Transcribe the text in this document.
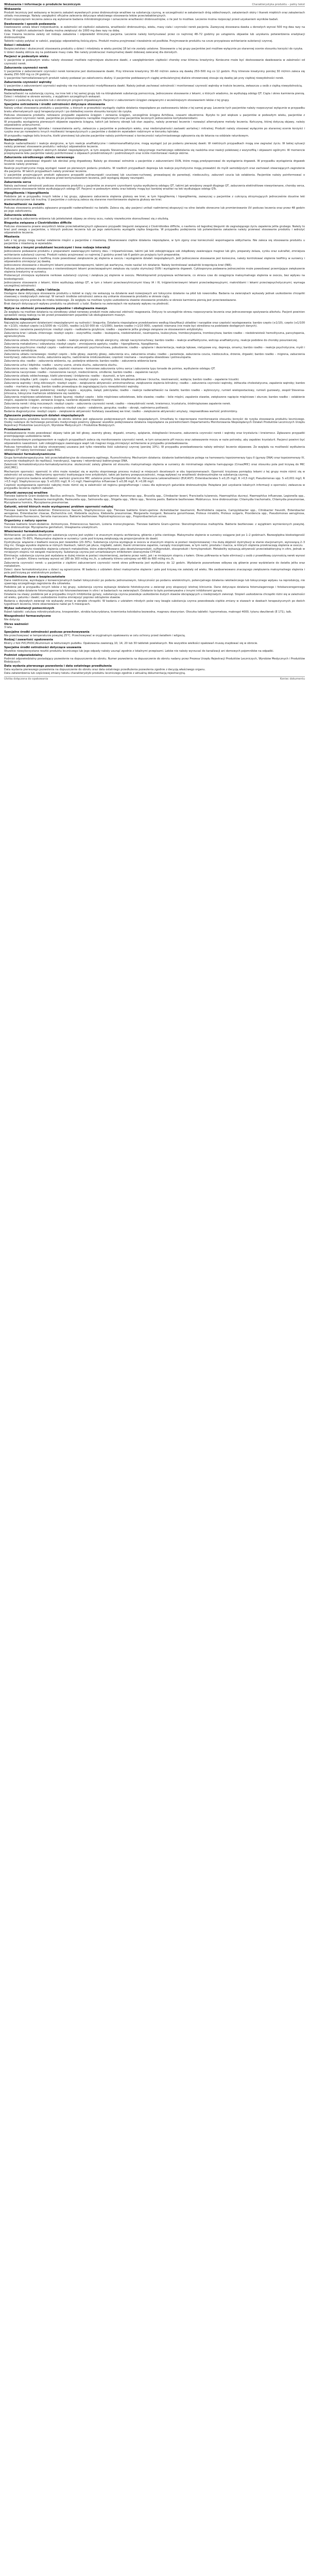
Wskazania i informacje o produkcie leczniczym	Charakterystyka produktu – pełny tekst
Wskazania

Produkt leczniczy jest wskazany w leczeniu zakażeń wywołanych przez drobnoustroje wrażliwe na substancję czynną, w szczególności w zakażeniach dróg oddechowych, zakażeniach skóry i tkanek miękkich oraz zakażeniach układu moczowego. Należy uwzględnić oficjalne zalecenia dotyczące właściwego stosowania leków przeciwbakteryjnych.

Przed rozpoczęciem leczenia zaleca się wykonanie badania mikrobiologicznego i oznaczenie wrażliwości drobnoustrojów, o ile jest to możliwe. Leczenie można rozpocząć przed uzyskaniem wyników badań.

Dawkowanie i sposób podawania

Dawkowanie ustala lekarz indywidualnie, w zależności od ciężkości zakażenia, wrażliwości drobnoustroju, wieku, masy ciała i czynności nerek pacjenta. Zazwyczaj stosowana dawka u dorosłych wynosi 500 mg dwa razy na dobę. W ciężkich zakażeniach dawkę można zwiększyć do 1000 mg dwa razy na dobę.

Czas trwania leczenia zależy od rodzaju zakażenia i odpowiedzi klinicznej pacjenta. Leczenie należy kontynuować przez co najmniej 48–72 godziny po ustąpieniu objawów lub uzyskaniu potwierdzenia eradykacji drobnoustrojów.

Tabletki należy połykać w całości, popijając odpowiednią ilością płynu. Produkt można przyjmować niezależnie od posiłków. Przyjmowanie produktu na czczo przyspiesza wchłanianie substancji czynnej.

Dzieci i młodzież

Bezpieczeństwo i skuteczność stosowania produktu u dzieci i młodzieży w wieku poniżej 18 lat nie zostały ustalone. Stosowanie u tej grupy pacjentów jest możliwe wyłącznie po starannej ocenie stosunku korzyści do ryzyka.

U dzieci dawkę oblicza się na podstawie masy ciała. Nie należy przekraczać maksymalnej dawki dobowej zalecanej dla dorosłych.

Pacjenci w podeszłym wieku

U pacjentów w podeszłym wieku należy stosować możliwie najmniejsze skuteczne dawki, z uwzględnieniem ciężkości choroby oraz klirensu kreatyniny. Konieczne może być dostosowanie dawkowania w zależności od czynności nerek.

Zaburzenia czynności nerek

U pacjentów z zaburzeniami czynności nerek konieczne jest dostosowanie dawki. Przy klirensie kreatyniny 30–60 ml/min zaleca się dawkę 250–500 mg co 12 godzin. Przy klirensie kreatyniny poniżej 30 ml/min zaleca się dawkę 250–500 mg co 24 godziny.

U pacjentów hemodializowanych produkt należy podawać po zakończeniu dializy. U pacjentów poddawanych ciągłej ambulatoryjnej dializie otrzewnowej stosuje się dawkę jak przy ciężkiej niewydolności nerek.

Zaburzenia czynności wątroby

U pacjentów z zaburzeniami czynności wątroby nie ma konieczności modyfikowania dawki. Należy jednak zachować ostrożność i monitorować czynność wątroby w trakcie leczenia, zwłaszcza u osób z ciężką niewydolnością.

Przeciwwskazania

Nadwrażliwość na substancję czynną, na inne leki z tej samej grupy lub na którąkolwiek substancję pomocniczą. Jednoczesne stosowanie z lekami, o których wiadomo, że wydłużają odstęp QT. Ciąża i okres karmienia piersią. Dzieci i młodzież w okresie wzrostu, z wyjątkiem szczególnych wskazań.

Pacjenci z padaczką w wywiadzie lub z obniżonym progiem drgawkowym. Pacjenci z zaburzeniami ścięgien związanymi z wcześniejszym stosowaniem leków z tej grupy.

Specjalne ostrzeżenia i środki ostrożności dotyczące stosowania

Należy unikać stosowania produktu u pacjentów, u których w przeszłości wystąpiły ciężkie działania niepożądane po zastosowaniu leków z tej samej grupy. Leczenie tych pacjentów należy rozpoczynać wyłącznie w przypadku braku alternatywnych opcji terapeutycznych i po dokładnej ocenie stosunku korzyści do ryzyka.

Podczas stosowania produktu notowano przypadki zapalenia ścięgien i zerwania ścięgien, szczególnie ścięgna Achillesa, czasami obustronne. Ryzyko to jest większe u pacjentów w podeszłym wieku, pacjentów z zaburzeniami czynności nerek, pacjentów po przeszczepieniu narządów miąższowych oraz pacjentów leczonych jednocześnie kortykosteroidami.

W przypadku wystąpienia pierwszych objawów zapalenia ścięgna, takich jak bolesny obrzęk lub stan zapalny, należy przerwać leczenie i rozważyć alternatywne metody leczenia. Kończynę, której dotyczą objawy, należy odpowiednio unieruchomić.

Obserwowano przypadki tętniaka i rozwarstwienia aorty, zwłaszcza u pacjentów w podeszłym wieku, oraz niedomykalności zastawki aortalnej i mitralnej. Produkt należy stosować wyłącznie po starannej ocenie korzyści i ryzyka oraz po rozważeniu innych możliwości terapeutycznych u pacjentów z dodatnim wywiadem rodzinnym w kierunku tętniaka.

W przypadku nagłego bólu brzucha, klatki piersiowej lub pleców pacjentów należy poinformować o konieczności natychmiastowego zgłoszenia się do lekarza na oddziale ratunkowym.

Nadwrażliwość

Reakcje nadwrażliwości i reakcje alergiczne, w tym reakcje anafilaktyczne i rzekomoanafilaktyczne, mogą wystąpić już po podaniu pierwszej dawki. W niektórych przypadkach mogą one zagrażać życiu. W takiej sytuacji należy przerwać stosowanie produktu i wdrożyć odpowiednie leczenie.

Zgłaszano przypadki ciężkich skórnych działań niepożądanych, w tym zespołu Stevensa-Johnsona, toksycznego martwiczego oddzielania się naskórka oraz reakcji polekowej z eozynofilią i objawami ogólnymi. W momencie przepisywania leku pacjentów należy poinformować o objawach przedmiotowych i podmiotowych oraz ściśle monitorować reakcje skórne.

Zaburzenia ośrodkowego układu nerwowego

Produkt może powodować drgawki lub obniżać próg drgawkowy. Należy go stosować ostrożnie u pacjentów z zaburzeniami OUN, które mogą predysponować do wystąpienia drgawek. W przypadku wystąpienia drgawek leczenie należy przerwać.

Reakcje psychiatryczne mogą wystąpić nawet po pierwszym podaniu produktu. W rzadkich przypadkach depresja lub reakcje psychotyczne mogą prowadzić do myśli samobójczych oraz zachowań stwarzających zagrożenie dla pacjenta. W takich przypadkach należy przerwać leczenie.

U pacjentów przyjmujących produkt zgłaszano przypadki polineuropatii czuciowej lub czuciowo-ruchowej, prowadzącej do parestezji, niedoczulicy, zaburzeń czucia lub osłabienia. Pacjentów należy poinformować o konieczności zgłoszenia się do lekarza przed kontynuowaniem leczenia, jeśli wystąpią objawy neuropatii.

Zaburzenia serca

Należy zachować ostrożność podczas stosowania produktu u pacjentów ze znanymi czynnikami ryzyka wydłużenia odstępu QT, takimi jak wrodzony zespół długiego QT, zaburzenia elektrolitowe niewyrównane, choroby serca, jednoczesne stosowanie leków wydłużających odstęp QT. Pacjenci w podeszłym wieku oraz kobiety mogą być bardziej wrażliwi na leki wydłużające odstęp QTc.

Hipoglikemia i hiperglikemia

Podobnie jak w przypadku innych leków z tej grupy, zgłaszano zaburzenia stężenia glukozy we krwi, w tym hipoglikemię i hiperglikemię, zazwyczaj u pacjentów z cukrzycą otrzymujących jednocześnie doustne leki przeciwcukrzycowe lub insulinę. U pacjentów z cukrzycą zaleca się staranne monitorowanie stężenia glukozy we krwi.

Nadwrażliwość na światło

Podczas stosowania produktu zgłaszano przypadki nadwrażliwości na światło. Zaleca się, aby pacjenci unikali nadmiernej ekspozycji na silne światło słoneczne lub promieniowanie UV podczas leczenia oraz przez 48 godzin po jego zakończeniu.

Zaburzenia widzenia

Jeśli wystąpią zaburzenia widzenia lub jakiekolwiek objawy ze strony oczu, należy niezwłocznie skonsultować się z okulistą.

Biegunka związana z Clostridioides difficile

Podczas stosowania prawie wszystkich leków przeciwbakteryjnych zgłaszano przypadki biegunki związanej z Clostridioides difficile, o nasileniu od łagodnej biegunki do zagrażającego życiu zapalenia jelita grubego. Należy to brać pod uwagę u pacjentów, u których podczas leczenia lub po jego zakończeniu wystąpiła ciężka biegunka. W przypadku podejrzenia lub potwierdzenia zakażenia należy przerwać stosowanie produktu i wdrożyć odpowiednie leczenie.

Miastenia

Leki z tej grupy mogą nasilać osłabienie mięśni u pacjentów z miastenią. Obserwowano ciężkie działania niepożądane, w tym zgony oraz konieczność wspomagania oddychania. Nie zaleca się stosowania produktu u pacjentów z miastenią w wywiadzie.

Interakcje z innymi produktami leczniczymi i inne rodzaje interakcji

Jednoczesne podawanie produktu z preparatami zawierającymi kationy dwu- i trójwartościowe, takimi jak leki zobojętniające sok żołądkowy zawierające magnez lub glin, preparaty żelaza, cynku oraz sukralfat, zmniejsza wchłanianie substancji czynnej. Produkt należy przyjmować co najmniej 2 godziny przed lub 6 godzin po przyjęciu tych preparatów.

Jednoczesne stosowanie z teofiliną może powodować zwiększenie jej stężenia w osoczu i wystąpienie działań niepożądanych. Jeśli jednoczesne stosowanie jest konieczne, należy kontrolować stężenie teofiliny w surowicy i odpowiednio zmniejszyć jej dawkę.

Jednoczesne stosowanie z doustnymi lekami przeciwzakrzepowymi, takimi jak warfaryna, może nasilać ich działanie. Należy kontrolować wskaźniki krzepnięcia krwi (INR).

Podczas jednoczesnego stosowania z niesteroidowymi lekami przeciwzapalnymi zwiększa się ryzyko stymulacji OUN i wystąpienia drgawek. Cyklosporyna podawana jednocześnie może powodować przemijające zwiększenie stężenia kreatyniny w surowicy.

Probenecyd zmniejsza wydalanie nerkowe substancji czynnej i zwiększa jej stężenie w osoczu. Metoklopramid przyspiesza wchłanianie, co skraca czas do osiągnięcia maksymalnego stężenia w osoczu, bez wpływu na biodostępność.

Jednoczesne stosowanie z lekami, które wydłużają odstęp QT, w tym z lekami przeciwarytmicznymi klasy IA i III, trójpierścieniowymi lekami przeciwdepresyjnymi, makrolidami i lekami przeciwpsychotycznymi, wymaga szczególnej ostrożności.

Wpływ na płodność, ciążę i laktację

Dostępne dane dotyczące stosowania produktu u kobiet w ciąży nie wskazują na działanie wad rozwojowych ani toksyczne działanie na płód lub noworodka. Badania na zwierzętach wykazały jednak uszkodzenie chrząstki stawowej u niedojrzałych zwierząt. W ramach środków ostrożności zaleca się unikanie stosowania produktu w okresie ciąży.

Substancja czynna przenika do mleka kobiecego. Ze względu na możliwe ryzyko uszkodzenia stawów stosowanie produktu w okresie karmienia piersią jest przeciwwskazane.

Brak danych dotyczących wpływu produktu na płodność u ludzi. Badania na zwierzętach nie wykazały wpływu na płodność.

Wpływ na zdolność prowadzenia pojazdów i obsługiwania maszyn

Ze względu na możliwe działania na ośrodkowy układ nerwowy produkt może zaburzać zdolność reagowania. Dotyczy to szczególnie okresu rozpoczynania leczenia oraz jednoczesnego spożywania alkoholu. Pacjent powinien sprawdzić swoją reakcję na lek przed prowadzeniem pojazdów lub obsługiwaniem maszyn.

Działania niepożądane

Najczęściej zgłaszanymi działaniami niepożądanymi są nudności i biegunka. Działania niepożądane przedstawiono według klasyfikacji układów i narządów oraz częstości występowania: bardzo często (≥1/10), często (≥1/100 do <1/10), niezbyt często (≥1/1000 do <1/100), rzadko (≥1/10 000 do <1/1000), bardzo rzadko (<1/10 000), częstość nieznana (nie może być określona na podstawie dostępnych danych).

Zakażenia i zarażenia pasożytnicze: niezbyt często – nadkażenia grzybicze; rzadko – zapalenie jelita grubego związane ze stosowaniem antybiotyku.

Zaburzenia krwi i układu chłonnego: niezbyt często – eozynofilia; rzadko – leukopenia, niedokrwistość, neutropenia, leukocytoza, trombocytopenia, trombocytoza; bardzo rzadko – niedokrwistość hemolityczna, pancytopenia, agranulocytoza.

Zaburzenia układu immunologicznego: rzadko – reakcje alergiczne, obrzęk alergiczny, obrzęk naczynioruchowy; bardzo rzadko – reakcje anafilaktyczne, wstrząs anafilaktyczny, reakcje podobne do choroby posurowiczej.

Zaburzenia metabolizmu i odżywiania: niezbyt często – zmniejszenie apetytu; rzadko – hiperglikemia, hipoglikemia.

Zaburzenia psychiczne: niezbyt często – nadmierna aktywność psychoruchowa, pobudzenie; rzadko – splątanie i dezorientacja, reakcje lękowe, nietypowe sny, depresja, omamy; bardzo rzadko – reakcje psychotyczne, myśli i zachowania samobójcze.

Zaburzenia układu nerwowego: niezbyt często – bóle głowy, zawroty głowy, zaburzenia snu, zaburzenia smaku; rzadko – parestezje, zaburzenia czucia, niedoczulica, drżenie, drgawki; bardzo rzadko – migrena, zaburzenia koordynacji, zaburzenia chodu, zaburzenia węchu, nadciśnienie śródczaszkowe; częstość nieznana – neuropatia obwodowa i polineuropatia.

Zaburzenia oka: rzadko – zaburzenia widzenia, np. podwójne widzenie; bardzo rzadko – zaburzenia widzenia barw.

Zaburzenia ucha i błędnika: rzadko – szumy uszne, utrata słuchu, zaburzenia słuchu.

Zaburzenia serca: rzadko – tachykardia; częstość nieznana – komorowe zaburzenia rytmu serca i zaburzenia typu torsade de pointes, wydłużenie odstępu QT.

Zaburzenia naczyniowe: rzadko – rozszerzenie naczyń, niedociśnienie, omdlenie; bardzo rzadko – zapalenie naczyń.

Zaburzenia układu oddechowego, klatki piersiowej i śródpiersia: rzadko – duszność, w tym astma.

Zaburzenia żołądka i jelit: często – nudności, biegunka; niezbyt często – wymioty, bóle żołądkowo-jelitowe i brzucha, niestrawność, wzdęcia; bardzo rzadko – zapalenie trzustki.

Zaburzenia wątroby i dróg żółciowych: niezbyt często – zwiększenie aktywności aminotransferaz, zwiększenie stężenia bilirubiny; rzadko – zaburzenia czynności wątroby, żółtaczka cholestatyczna, zapalenie wątroby; bardzo rzadko – martwica wątroby, bardzo rzadko prowadząca do zagrażającej życiu niewydolności wątroby.

Zaburzenia skóry i tkanki podskórnej: niezbyt często – wysypka, świąd, pokrzywka; rzadko – reakcje nadwrażliwości na światło; bardzo rzadko – wybroczyny, rumień wielopostaciowy, rumień guzowaty, zespół Stevensa-Johnsona, toksyczne martwicze oddzielanie się naskórka.

Zaburzenia mięśniowo-szkieletowe i tkanki łącznej: niezbyt często – bóle mięśniowo-szkieletowe, bóle stawów; rzadko – bóle mięśni, zapalenie stawów, zwiększone napięcie mięśniowe i skurcze; bardzo rzadko – osłabienie mięśni, zapalenie ścięgien, zerwanie ścięgna, nasilenie objawów miastenii.

Zaburzenia nerek i dróg moczowych: niezbyt często – zaburzenia czynności nerek; rzadko – niewydolność nerek, krwiomocz, krystaluria, śródmiąższowe zapalenie nerek.

Zaburzenia ogólne i stany w miejscu podania: niezbyt często – osłabienie, gorączka; rzadko – obrzęk, nadmierna potliwość.

Badania diagnostyczne: niezbyt często – zwiększenie aktywności fosfatazy zasadowej we krwi; rzadko – zwiększenie aktywności amylazy, nieprawidłowa wartość protrombiny.

Zgłaszanie podejrzewanych działań niepożądanych

Po dopuszczeniu produktu leczniczego do obrotu istotne jest zgłaszanie podejrzewanych działań niepożądanych. Umożliwia to nieprzerwane monitorowanie stosunku korzyści do ryzyka stosowania produktu leczniczego. Osoby należące do fachowego personelu medycznego powinny zgłaszać wszelkie podejrzewane działania niepożądane za pośrednictwem Departamentu Monitorowania Niepożądanych Działań Produktów Leczniczych Urzędu Rejestracji Produktów Leczniczych, Wyrobów Medycznych i Produktów Biobójczych.

Przedawkowanie

Przedawkowanie może powodować objawy takie jak ból głowy, zawroty głowy, drgawki, omamy, splątanie, dolegliwości brzuszne, zaburzenia czynności nerek i wątroby oraz krystaluria i krwiomocz. Zgłaszano przypadki przemijającego uszkodzenia nerek.

Poza standardowym postępowaniem w nagłych przypadkach zaleca się monitorowanie czynności nerek, w tym oznaczenie pH moczu oraz zakwaszenie moczu w razie potrzeby, aby zapobiec krystalurii. Pacjenci powinni być odpowiednio nawodnieni. Leki zobojętniające zawierające wapń lub magnez mogą zmniejszyć wchłanianie w przypadku przedawkowania.

Podczas hemodializy lub dializy otrzewnowej usuwana jest tylko niewielka ilość substancji czynnej (poniżej 10%). W przypadku przedawkowania należy wdrożyć leczenie objawowe. Ze względu na możliwość wydłużenia odstępu QT należy kontrolować zapis EKG.

Właściwości farmakodynamiczne

Grupa farmakoterapeutyczna: leki przeciwbakteryjne do stosowania ogólnego, fluorochinolony. Mechanizm działania: działanie bakteriobójcze polega na hamowaniu topoizomerazy typu II (gyrazy DNA) oraz topoizomerazy IV, enzymów niezbędnych do replikacji, transkrypcji, naprawy i rekombinacji bakteryjnego DNA.

Zależność farmakokinetyczno-farmakodynamiczna: skuteczność zależy głównie od stosunku maksymalnego stężenia w surowicy do minimalnego stężenia hamującego (Cmax/MIC) oraz stosunku pola pod krzywą do MIC (AUC/MIC).

Mechanizm oporności: oporność in vitro może rozwijać się w wyniku stopniowego procesu mutacji w miejscach docelowych w obu topoizomerazach. Oporność krzyżowa pomiędzy lekami z tej grupy może różnić się w zależności od szczepu. Mechanizmy oporności inaktywujące inne antybiotyki, takie jak bariery przepuszczalności, mogą wpływać na wrażliwość drobnoustrojów na substancję czynną.

Wartości graniczne badania wrażliwości: wartości graniczne MIC ustalone przez Europejski Komitet ds. Oznaczania Lekowrażliwości (EUCAST): Enterobacterales S ≤0,25 mg/l, R >0,5 mg/l; Pseudomonas spp. S ≤0,001 mg/l, R >0,5 mg/l; Staphylococcus spp. S ≤0,001 mg/l, R >1 mg/l; Haemophilus influenzae S ≤0,06 mg/l, R >0,06 mg/l.

Częstość występowania oporności nabytej może różnić się w zależności od regionu geograficznego i czasu dla wybranych gatunków drobnoustrojów. Pożądane jest uzyskanie lokalnych informacji o oporności, zwłaszcza w przypadku leczenia ciężkich zakażeń.

Gatunki zazwyczaj wrażliwe

Tlenowe bakterie Gram-dodatnie: Bacillus anthracis. Tlenowe bakterie Gram-ujemne: Aeromonas spp., Brucella spp., Citrobacter koseri, Francisella tularensis, Haemophilus ducreyi, Haemophilus influenzae, Legionella spp., Moraxella catarrhalis, Neisseria meningitidis, Pasteurella spp., Salmonella spp., Shigella spp., Vibrio spp., Yersinia pestis. Bakterie beztlenowe: Mobiluncus. Inne drobnoustroje: Chlamydia trachomatis, Chlamydia pneumoniae, Mycoplasma hominis, Mycoplasma pneumoniae.

Gatunki, wśród których może występować problem oporności nabytej

Tlenowe bakterie Gram-dodatnie: Enterococcus faecalis, Staphylococcus spp. Tlenowe bakterie Gram-ujemne: Acinetobacter baumannii, Burkholderia cepacia, Campylobacter spp., Citrobacter freundii, Enterobacter aerogenes, Enterobacter cloacae, Escherichia coli, Klebsiella oxytoca, Klebsiella pneumoniae, Morganella morganii, Neisseria gonorrhoeae, Proteus mirabilis, Proteus vulgaris, Providencia spp., Pseudomonas aeruginosa, Pseudomonas fluorescens, Serratia marcescens. Bakterie beztlenowe: Peptostreptococcus spp., Propionibacterium acnes.

Organizmy z natury oporne

Tlenowe bakterie Gram-dodatnie: Actinomyces, Enterococcus faecium, Listeria monocytogenes. Tlenowe bakterie Gram-ujemne: Stenotrophomonas maltophilia. Bakterie beztlenowe: z wyjątkiem wymienionych powyżej. Inne drobnoustroje: Mycoplasma genitalium, Ureaplasma urealyticum.

Właściwości farmakokinetyczne

Wchłanianie: po podaniu doustnym substancja czynna jest szybko i w znacznym stopniu wchłaniana, głównie z jelita cienkiego. Maksymalne stężenie w surowicy osiągane jest po 1–2 godzinach. Bezwzględna biodostępność wynosi około 70–80%. Maksymalne stężenie w surowicy i pole pod krzywą zwiększają się proporcjonalnie do dawki.

Dystrybucja: wiązanie z białkami osocza jest niewielkie (20–30%). Substancja czynna występuje w osoczu w znacznym stopniu w postaci niezjonizowanej i ma dużą objętość dystrybucji w stanie stacjonarnym, wynoszącą 2–3 l/kg mc. Osiąga wysokie stężenia w różnych tkankach, takich jak płuca, migdałki, zatoki, tkanki zmienione zapalnie, narządy moczopłciowe, w tym nerki, prostata i macica, w których stężenia przekraczają stężenia w osoczu.

Metabolizm: wykryto niewielkie stężenia czterech metabolitów, które zidentyfikowano jako desetylenoprodukt, sulfoprodukt, oksoprodukt i formyloprodukt. Metabolity wykazują aktywność przeciwbakteryjną in vitro, jednak w mniejszym stopniu niż związek macierzysty. Substancja czynna jest umiarkowanym inhibitorem izoenzymów CYP1A2.

Eliminacja: substancja czynna jest wydalana w dużej mierze w postaci niezmienionej, zarówno przez nerki, jak i w mniejszym stopniu z kałem. Okres półtrwania w fazie eliminacji u osób z prawidłową czynnością nerek wynosi około 4–7 godzin. Klirens nerkowy wynosi od 180 do 300 ml/kg mc./h, a całkowity klirens ustrojowy od 480 do 600 ml/kg mc./h.

Zaburzenia czynności nerek: u pacjentów z ciężkimi zaburzeniami czynności nerek okres półtrwania jest wydłużony do 12 godzin. Wydalanie pozanerkowe odbywa się głównie przez wydzielanie do światła jelita oraz metabolizm.

Dzieci: dane farmakokinetyczne u dzieci są ograniczone. W badaniu z udziałem dzieci maksymalne stężenie i pole pod krzywą nie zależały od wieku. Nie zaobserwowano znaczącego zwiększenia maksymalnego stężenia i pola pod krzywą po wielokrotnym podaniu.

Przedkliniczne dane o bezpieczeństwie

Dane niekliniczne, wynikające z konwencjonalnych badań toksyczności po podaniu jednorazowym, toksyczności po podaniu wielokrotnym, potencjalnego działania rakotwórczego lub toksycznego wpływu na reprodukcję, nie ujawniają szczególnego zagrożenia dla człowieka.

Podobnie jak w przypadku innych leków z tej grupy, substancja czynna wykazuje działanie fototoksyczne u zwierząt przy ekspozycji istotnej klinicznie. Dane dotyczące działania fotomutagennego i fotokancerogennego wykazują słabe działanie fotomutagenne lub fotonowotworowe in vitro i w badaniach na zwierzętach. Działanie to było porównywalne z innymi inhibitorami gyrazy.

Działanie na stawy: podobnie jak w przypadku innych inhibitorów gyrazy, substancja czynna powoduje uszkodzenie dużych stawów obciążających u niedojrzałych zwierząt. Stopień uszkodzenia chrząstki różni się w zależności od wieku, gatunku i dawki; uszkodzenie można zmniejszyć poprzez odciążenie stawów.

Badania u dojrzałych zwierząt nie wykazały zmian w obrębie chrząstki. W badaniu z udziałem młodych psów rasy beagle substancja czynna powodowała ciężkie zmiany w stawach w dawkach terapeutycznych po dwóch tygodniach leczenia, które obserwowano nadal po 5 miesiącach.

Wykaz substancji pomocniczych

Rdzeń tabletki: celuloza mikrokrystaliczna, krospowidon, skrobia kukurydziana, krzemionka koloidalna bezwodna, magnezu stearynian. Otoczka tabletki: hypromeloza, makrogol 4000, tytanu dwutlenek (E 171), talk.

Niezgodności farmaceutyczne

Nie dotyczy.

Okres ważności

3 lata.

Specjalne środki ostrożności podczas przechowywania

Nie przechowywać w temperaturze powyżej 25°C. Przechowywać w oryginalnym opakowaniu w celu ochrony przed światłem i wilgocią.

Rodzaj i zawartość opakowania

Blistry z folii PVC/PVDC/Aluminium w tekturowym pudełku. Opakowania zawierają 10, 14, 20 lub 30 tabletek powlekanych. Nie wszystkie wielkości opakowań muszą znajdować się w obrocie.

Specjalne środki ostrożności dotyczące usuwania

Wszelkie niewykorzystane resztki produktu leczniczego lub jego odpady należy usunąć zgodnie z lokalnymi przepisami. Leków nie należy wyrzucać do kanalizacji ani domowych pojemników na odpadki.

Podmiot odpowiedzialny

Podmiot odpowiedzialny posiadający pozwolenie na dopuszczenie do obrotu. Numer pozwolenia na dopuszczenie do obrotu nadany przez Prezesa Urzędu Rejestracji Produktów Leczniczych, Wyrobów Medycznych i Produktów Biobójczych.

Data wydania pierwszego pozwolenia i data ostatniego przedłużenia

Data wydania pierwszego pozwolenia na dopuszczenie do obrotu oraz data ostatniego przedłużenia pozwolenia zgodnie z decyzją właściwego organu.

Data zatwierdzenia lub częściowej zmiany tekstu charakterystyki produktu leczniczego zgodnie z aktualną dokumentacją rejestracyjną.

Ulotka dołączona do opakowania	Koniec dokumentu
